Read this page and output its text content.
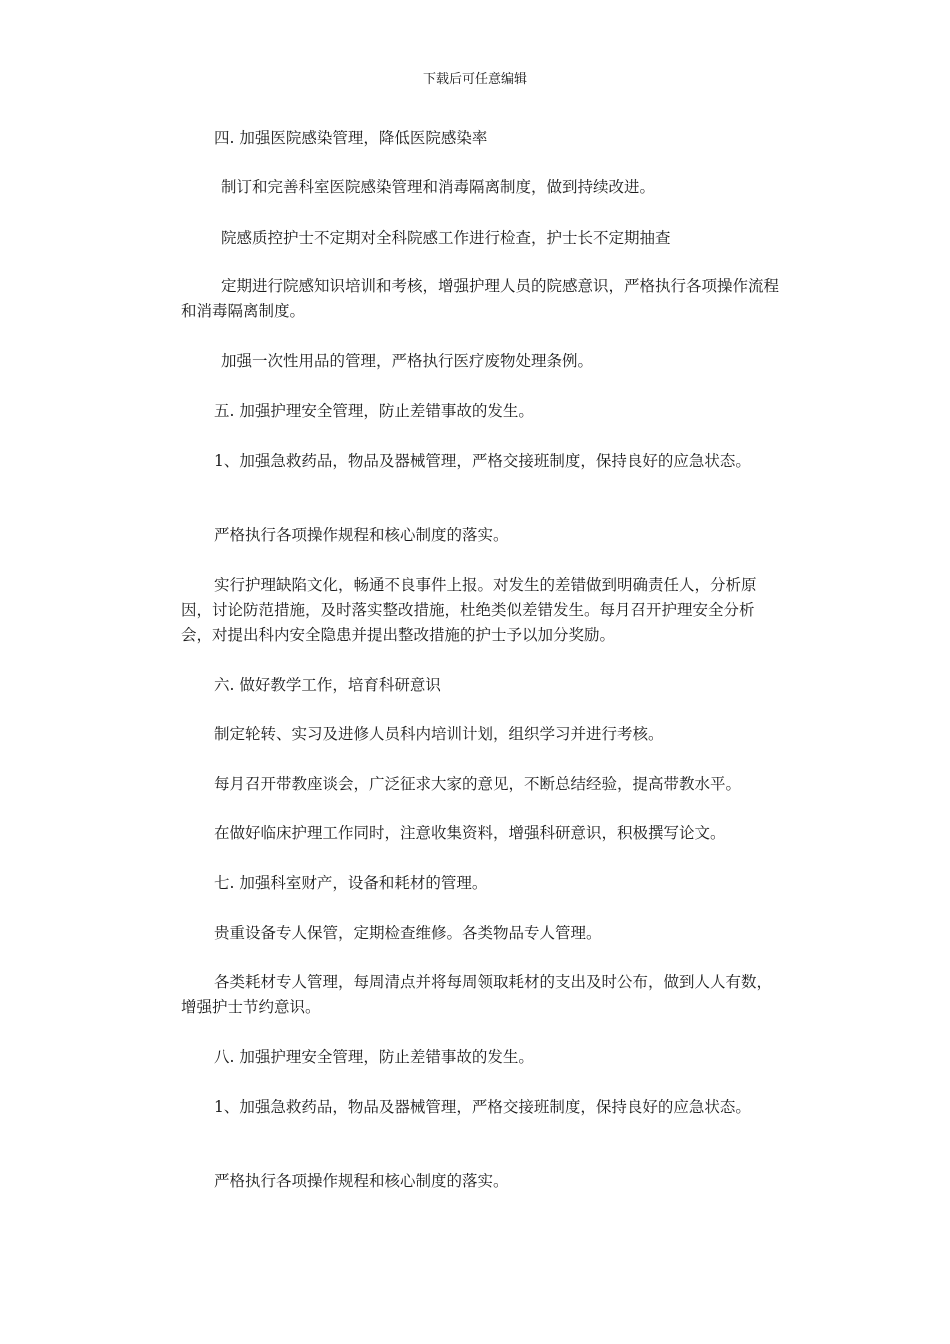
下载后可任意编辑

四. 加强医院感染管理，降低医院感染率

制订和完善科室医院感染管理和消毒隔离制度，做到持续改进。

院感质控护士不定期对全科院感工作进行检查，护士长不定期抽查

定期进行院感知识培训和考核，增强护理人员的院感意识，严格执行各项操作流程和消毒隔离制度。

加强一次性用品的管理，严格执行医疗废物处理条例。

五. 加强护理安全管理，防止差错事故的发生。

1、加强急救药品，物品及器械管理，严格交接班制度，保持良好的应急状态。

严格执行各项操作规程和核心制度的落实。

实行护理缺陷文化，畅通不良事件上报。对发生的差错做到明确责任人，分析原因，讨论防范措施，及时落实整改措施，杜绝类似差错发生。每月召开护理安全分析会，对提出科内安全隐患并提出整改措施的护士予以加分奖励。

六. 做好教学工作，培育科研意识

制定轮转、实习及进修人员科内培训计划，组织学习并进行考核。

每月召开带教座谈会，广泛征求大家的意见，不断总结经验，提高带教水平。

在做好临床护理工作同时，注意收集资料，增强科研意识，积极撰写论文。

七. 加强科室财产，设备和耗材的管理。

贵重设备专人保管，定期检查维修。各类物品专人管理。

各类耗材专人管理，每周清点并将每周领取耗材的支出及时公布，做到人人有数，增强护士节约意识。

八. 加强护理安全管理，防止差错事故的发生。

1、加强急救药品，物品及器械管理，严格交接班制度，保持良好的应急状态。

严格执行各项操作规程和核心制度的落实。
